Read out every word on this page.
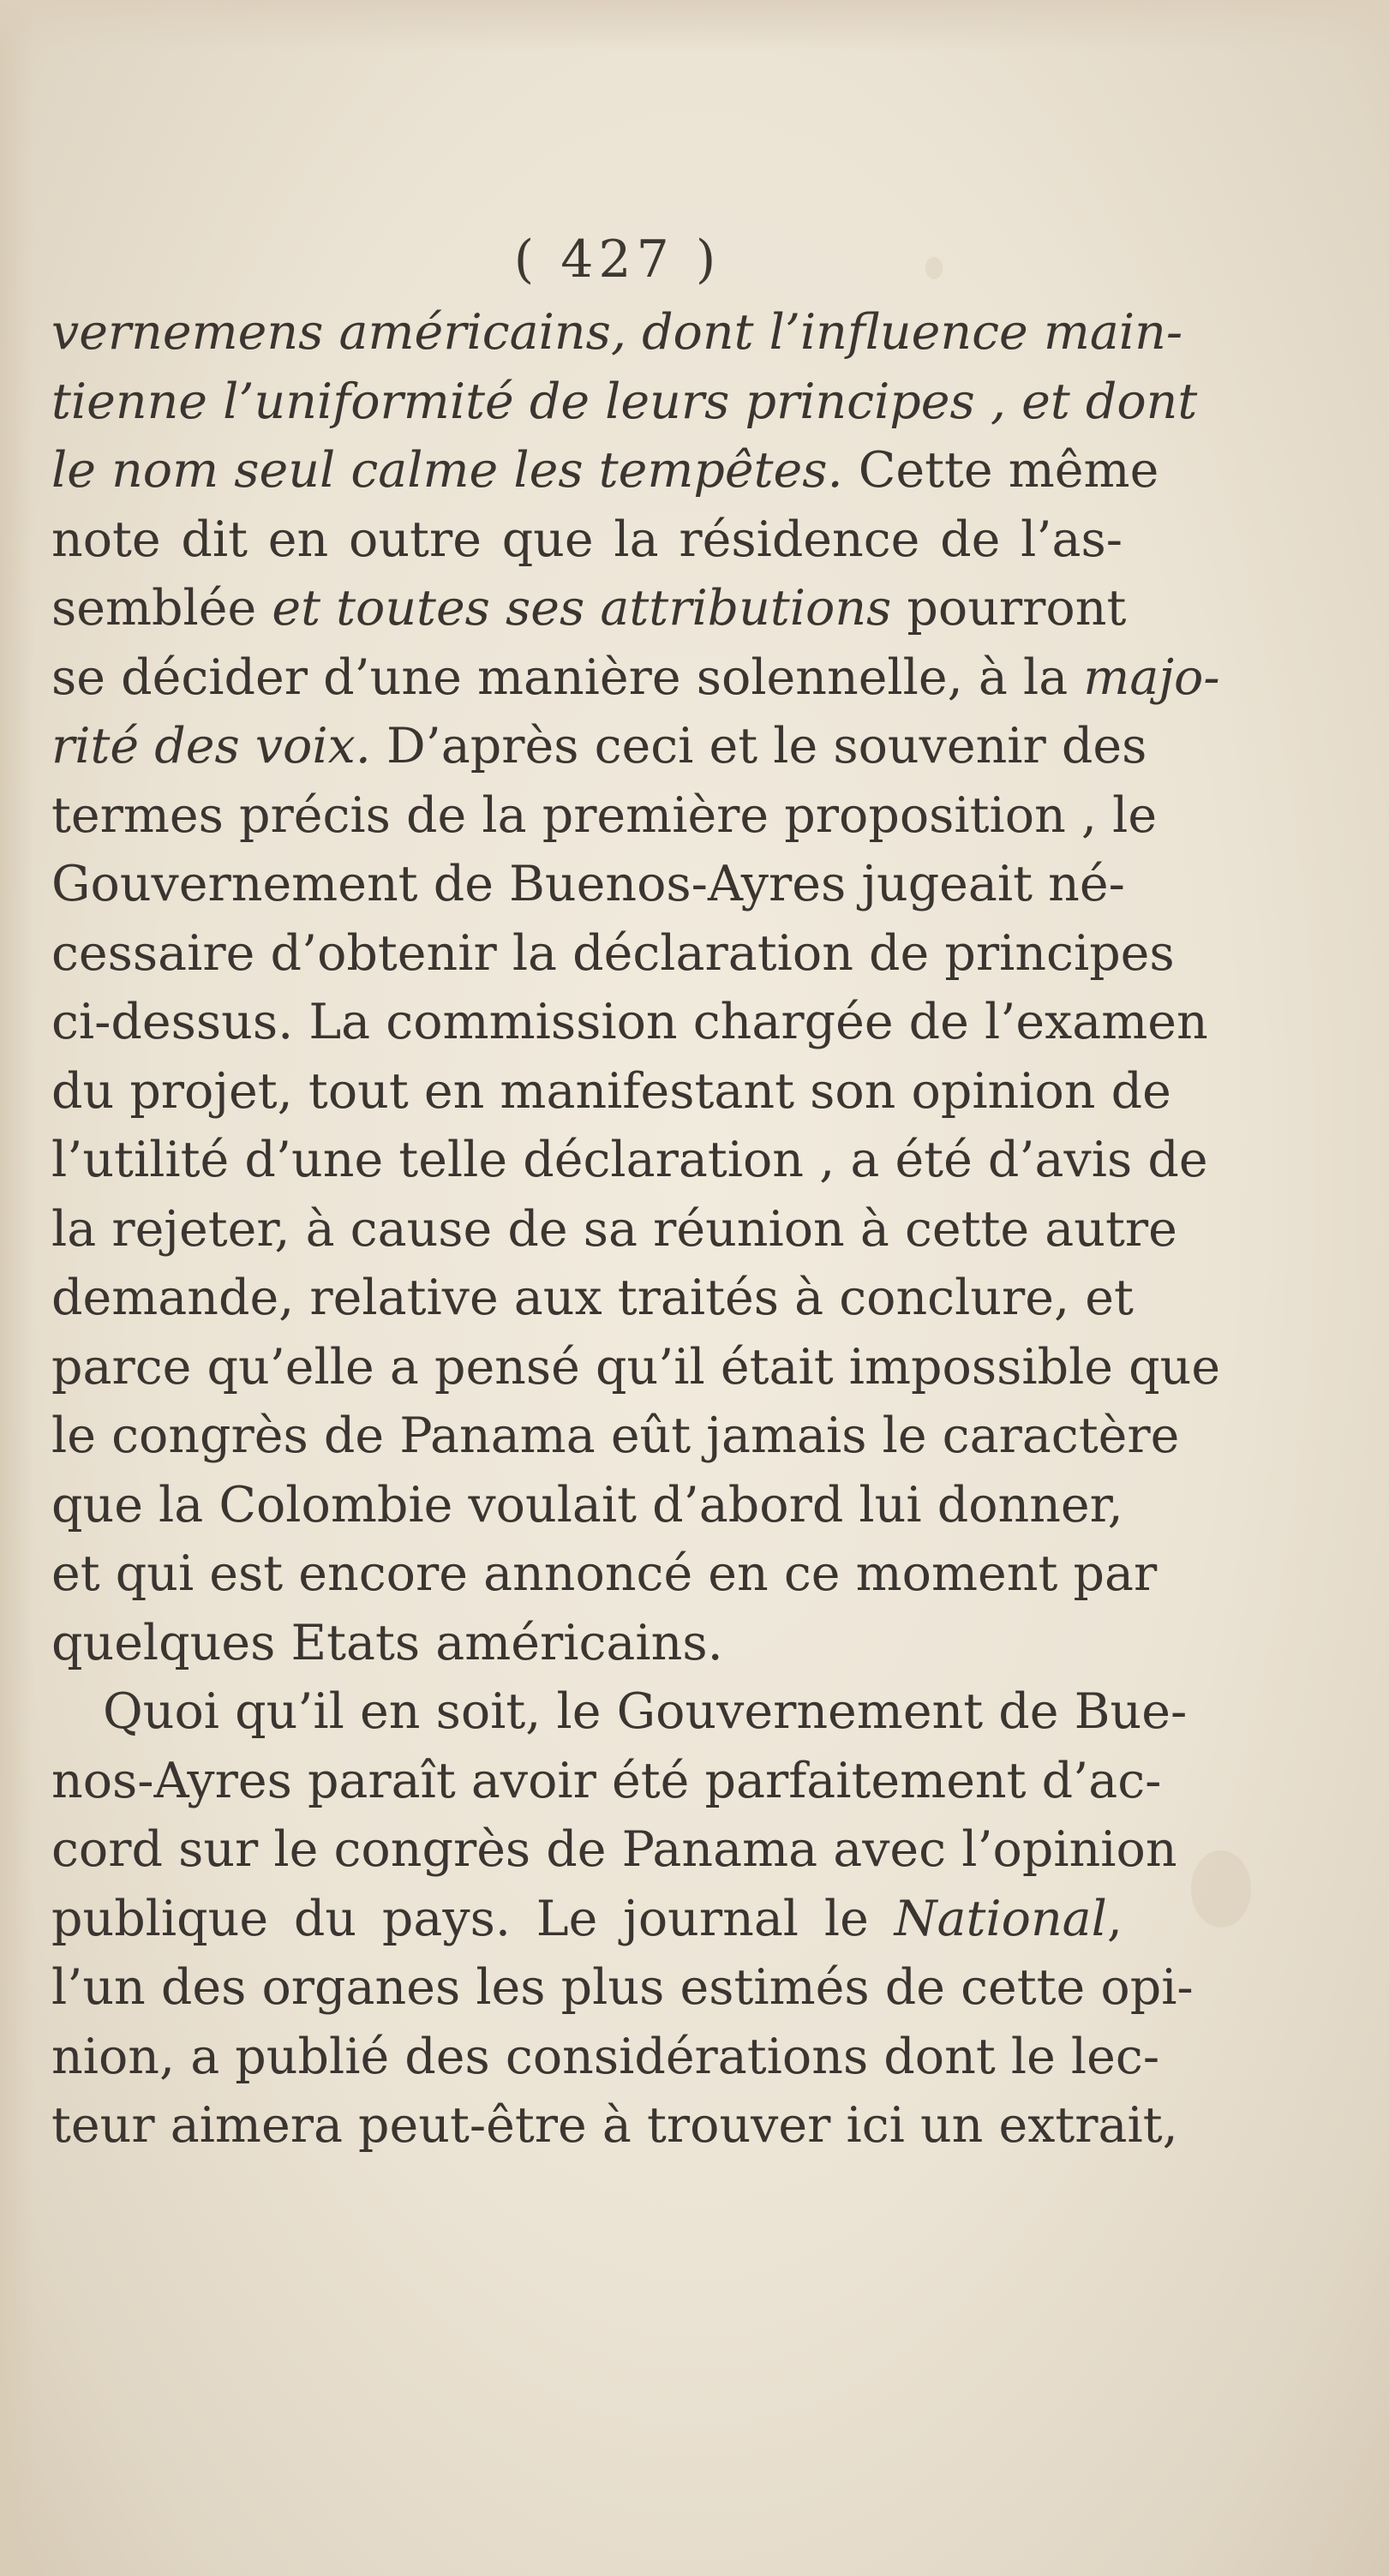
( 427 )
vernemens américains, dont l’influence main-
tienne l’uniformité de leurs principes , et dont
le nom seul calme les tempêtes. Cette même
note dit en outre que la résidence de l’as-
semblée et toutes ses attributions pourront
se décider d’une manière solennelle, à la majo-
rité des voix. D’après ceci et le souvenir des
termes précis de la première proposition , le
Gouvernement de Buenos-Ayres jugeait né-
cessaire d’obtenir la déclaration de principes
ci-dessus. La commission chargée de l’examen
du projet, tout en manifestant son opinion de
l’utilité d’une telle déclaration , a été d’avis de
la rejeter, à cause de sa réunion à cette autre
demande, relative aux traités à conclure, et
parce qu’elle a pensé qu’il était impossible que
le congrès de Panama eût jamais le caractère
que la Colombie voulait d’abord lui donner,
et qui est encore annoncé en ce moment par
quelques Etats américains.
Quoi qu’il en soit, le Gouvernement de Bue-
nos-Ayres paraît avoir été parfaitement d’ac-
cord sur le congrès de Panama avec l’opinion
publique du pays. Le journal le National,
l’un des organes les plus estimés de cette opi-
nion, a publié des considérations dont le lec-
teur aimera peut-être à trouver ici un extrait,
